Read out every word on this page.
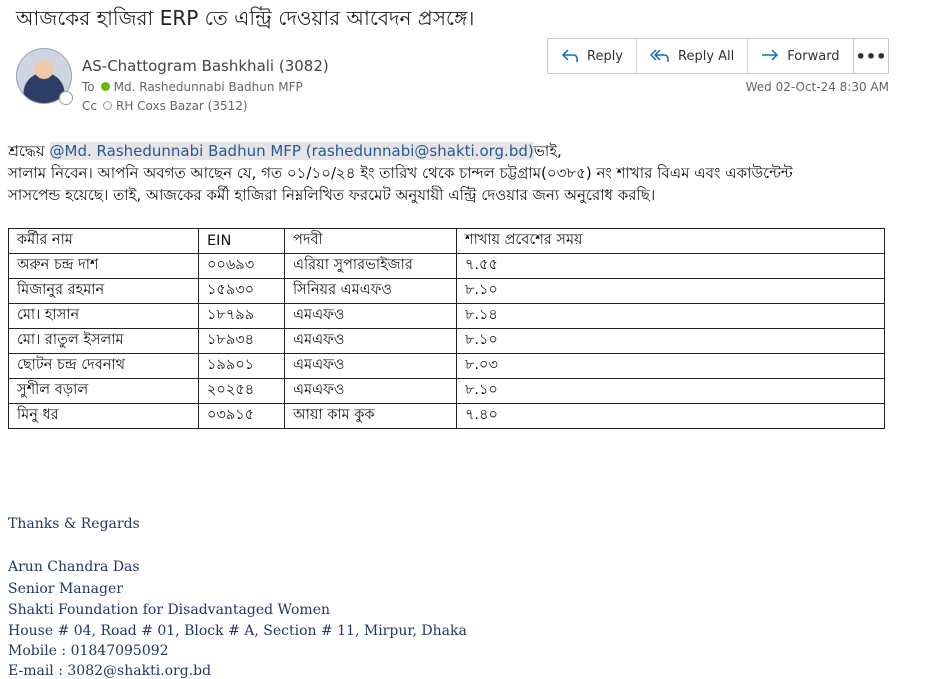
আজকের হাজিরা ERP তে এন্ট্রি দেওয়ার আবেদন প্রসঙ্গে।
AS-Chattogram Bashkhali (3082)
To Md. Rashedunnabi Badhun MFP
Cc RH Coxs Bazar (3512)
Reply	Reply All	Forward •••
Wed 02-Oct-24 8:30 AM
শ্রদ্ধেয় @Md. Rashedunnabi Badhun MFP (rashedunnabi@shakti.org.bd)ভাই,
সালাম নিবেন। আপনি অবগত আছেন যে, গত ০১/১০/২৪ ইং তারিখ থেকে চান্দল চট্টগ্রাম(০৩৮৫) নং শাখার বিএম এবং একাউন্টেন্ট
সাসপেন্ড হয়েছে। তাই, আজকের কর্মী হাজিরা নিম্নলিখিত ফরমেট অনুযায়ী এন্ট্রি দেওয়ার জন্য অনুরোধ করছি।
কর্মীর নাম	EIN	পদবী	শাখায় প্রবেশের সময়
অরুন চন্দ্র দাশ	০০৬৯৩	এরিয়া সুপারভাইজার	৭.৫৫
মিজানুর রহমান	১৫৯৩০	সিনিয়র এমএফও	৮.১০
মো। হাসান	১৮৭৯৯	এমএফও	৮.১৪
মো। রাতুল ইসলাম	১৮৯৩৪	এমএফও	৮.১০
ছোটন চন্দ্র দেবনাথ	১৯৯০১	এমএফও	৮.০৩
সুশীল বড়াল	২০২৫৪	এমএফও	৮.১০
মিনু ধর	০৩৯১৫	আয়া কাম কুক	৭.৪০
Thanks & Regards
Arun Chandra Das
Senior Manager
Shakti Foundation for Disadvantaged Women
House # 04, Road # 01, Block # A, Section # 11, Mirpur, Dhaka
Mobile : 01847095092
E-mail : 3082@shakti.org.bd
